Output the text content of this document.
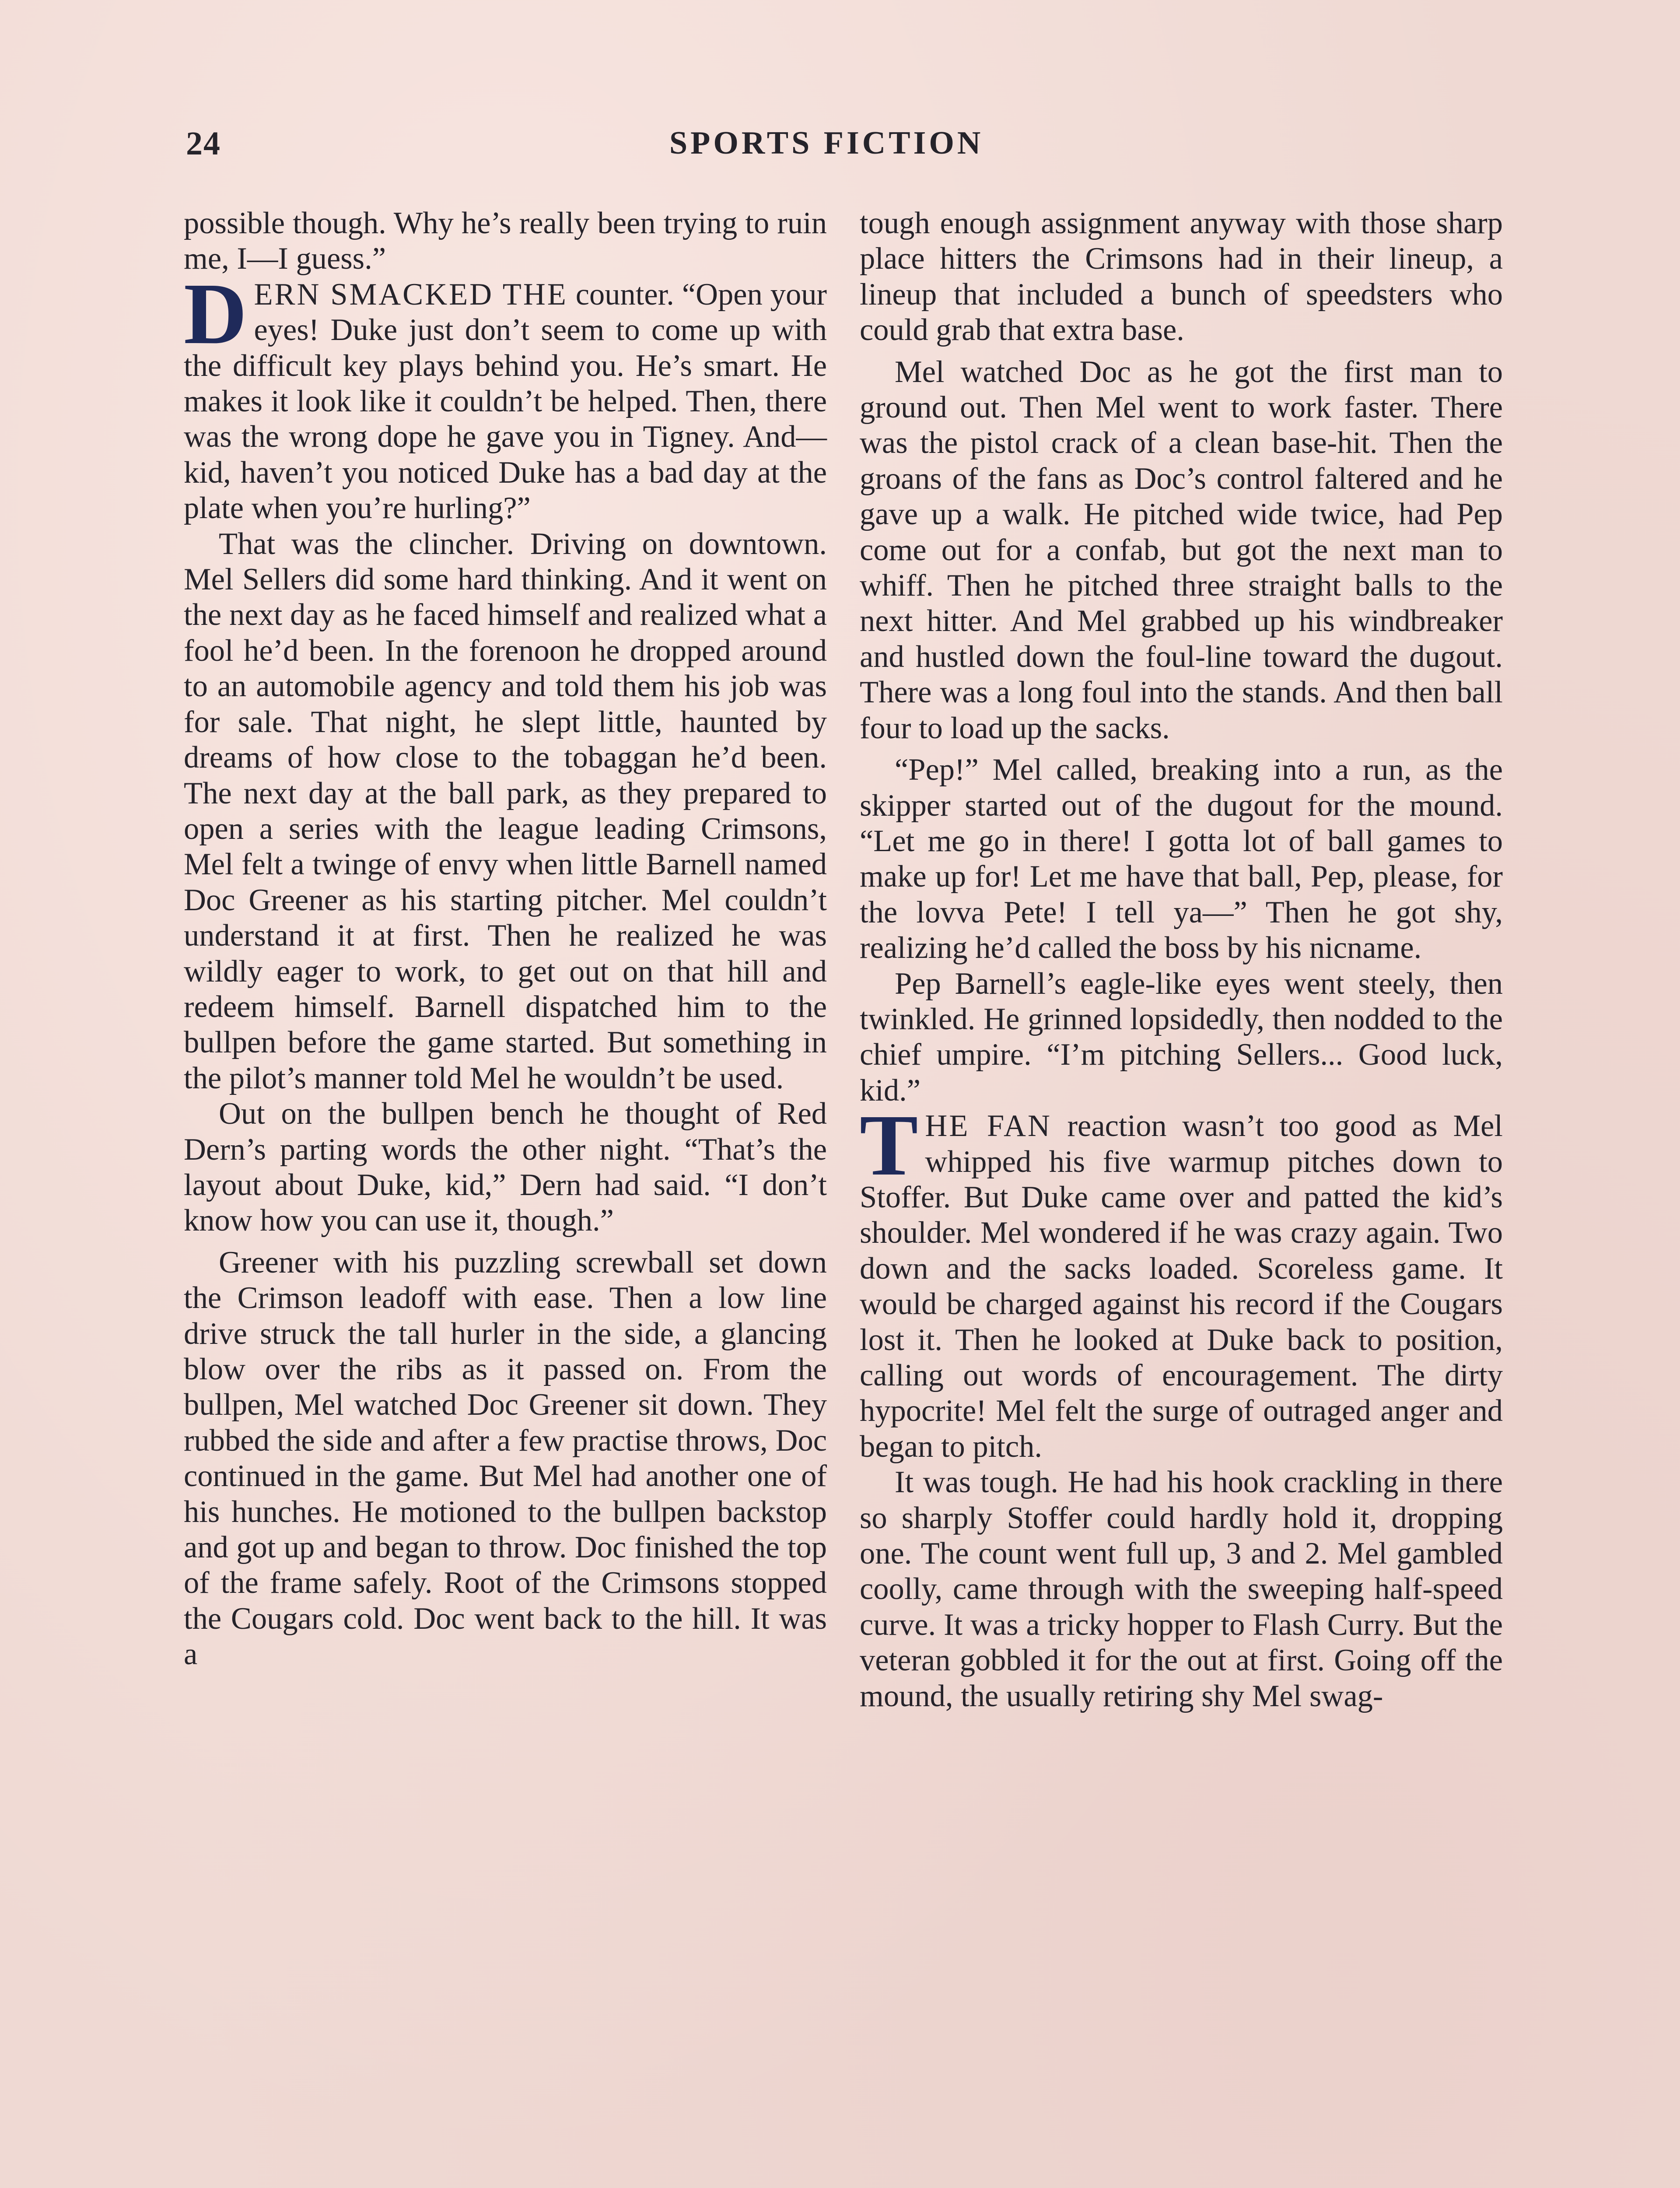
24	SPORTS FICTION

possible though. Why he’s really been trying to ruin me, I—I guess.”

DERN SMACKED THE counter. “Open your eyes! Duke just don’t seem to come up with the difficult key plays behind you. He’s smart. He makes it look like it couldn’t be helped. Then, there was the wrong dope he gave you in Tigney. And—kid, haven’t you noticed Duke has a bad day at the plate when you’re hurling?”

That was the clincher. Driving on downtown. Mel Sellers did some hard thinking. And it went on the next day as he faced himself and realized what a fool he’d been. In the forenoon he dropped around to an automobile agency and told them his job was for sale. That night, he slept little, haunted by dreams of how close to the tobaggan he’d been. The next day at the ball park, as they prepared to open a series with the league leading Crimsons, Mel felt a twinge of envy when little Barnell named Doc Greener as his starting pitcher. Mel couldn’t understand it at first. Then he realized he was wildly eager to work, to get out on that hill and redeem himself. Barnell dispatched him to the bullpen before the game started. But something in the pilot’s manner told Mel he wouldn’t be used.

Out on the bullpen bench he thought of Red Dern’s parting words the other night. “That’s the layout about Duke, kid,” Dern had said. “I don’t know how you can use it, though.”

Greener with his puzzling screwball set down the Crimson leadoff with ease. Then a low line drive struck the tall hurler in the side, a glancing blow over the ribs as it passed on. From the bullpen, Mel watched Doc Greener sit down. They rubbed the side and after a few practise throws, Doc continued in the game. But Mel had another one of his hunches. He motioned to the bullpen backstop and got up and began to throw. Doc finished the top of the frame safely. Root of the Crimsons stopped the Cougars cold. Doc went back to the hill. It was a

tough enough assignment anyway with those sharp place hitters the Crimsons had in their lineup, a lineup that included a bunch of speedsters who could grab that extra base.

Mel watched Doc as he got the first man to ground out. Then Mel went to work faster. There was the pistol crack of a clean base-hit. Then the groans of the fans as Doc’s control faltered and he gave up a walk. He pitched wide twice, had Pep come out for a confab, but got the next man to whiff. Then he pitched three straight balls to the next hitter. And Mel grabbed up his windbreaker and hustled down the foul-line toward the dugout. There was a long foul into the stands. And then ball four to load up the sacks.

“Pep!” Mel called, breaking into a run, as the skipper started out of the dugout for the mound. “Let me go in there! I gotta lot of ball games to make up for! Let me have that ball, Pep, please, for the lovva Pete! I tell ya—” Then he got shy, realizing he’d called the boss by his nicname.

Pep Barnell’s eagle-like eyes went steely, then twinkled. He grinned lopsidedly, then nodded to the chief umpire. “I’m pitching Sellers... Good luck, kid.”

THE FAN reaction wasn’t too good as Mel whipped his five warmup pitches down to Stoffer. But Duke came over and patted the kid’s shoulder. Mel wondered if he was crazy again. Two down and the sacks loaded. Scoreless game. It would be charged against his record if the Cougars lost it. Then he looked at Duke back to position, calling out words of encouragement. The dirty hypocrite! Mel felt the surge of outraged anger and began to pitch.

It was tough. He had his hook crackling in there so sharply Stoffer could hardly hold it, dropping one. The count went full up, 3 and 2. Mel gambled coolly, came through with the sweeping half-speed curve. It was a tricky hopper to Flash Curry. But the veteran gobbled it for the out at first. Going off the mound, the usually retiring shy Mel swag-
